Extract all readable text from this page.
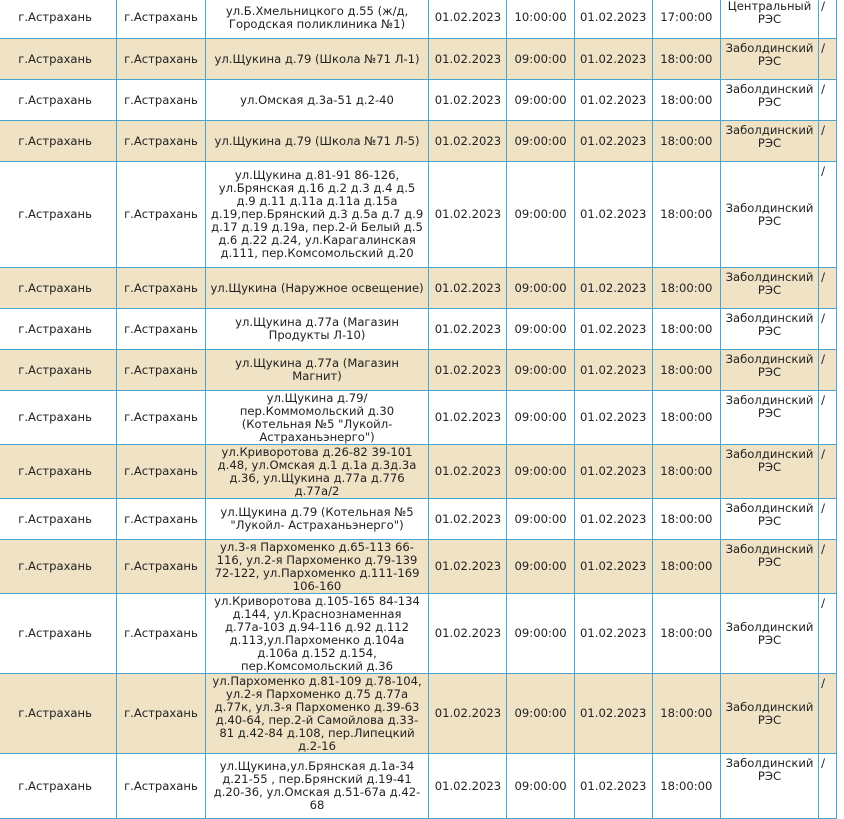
г.Астрахань	г.Астрахань	ул.Б.Хмельницкого д.55 (ж/д, Городская поликлиника №1)	01.02.2023	10:00:00	01.02.2023	17:00:00	Центральный РЭС	/
г.Астрахань	г.Астрахань	ул.Щукина д.79 (Школа №71 Л-1)	01.02.2023	09:00:00	01.02.2023	18:00:00	Заболдинский РЭС	/
г.Астрахань	г.Астрахань	ул.Омская д.3а-51 д.2-40	01.02.2023	09:00:00	01.02.2023	18:00:00	Заболдинский РЭС	/
г.Астрахань	г.Астрахань	ул.Щукина д.79 (Школа №71 Л-5)	01.02.2023	09:00:00	01.02.2023	18:00:00	Заболдинский РЭС	/
г.Астрахань	г.Астрахань	ул.Щукина д.81-91 86-126, ул.Брянская д.16 д.2 д.3 д.4 д.5 д.9 д.11 д.11а д.11а д.15а д.19,пер.Брянский д.3 д.5а д.7 д.9 д.17 д.19 д.19а, пер.2-й Белый д.5 д.6 д.22 д.24, ул.Карагалинская д.111, пер.Комсомольский д.20	01.02.2023	09:00:00	01.02.2023	18:00:00	Заболдинский РЭС	/
г.Астрахань	г.Астрахань	ул.Щукина (Наружное освещение)	01.02.2023	09:00:00	01.02.2023	18:00:00	Заболдинский РЭС	/
г.Астрахань	г.Астрахань	ул.Щукина д.77а (Магазин Продукты Л-10)	01.02.2023	09:00:00	01.02.2023	18:00:00	Заболдинский РЭС	/
г.Астрахань	г.Астрахань	ул.Щукина д.77а (Магазин Магнит)	01.02.2023	09:00:00	01.02.2023	18:00:00	Заболдинский РЭС	/
г.Астрахань	г.Астрахань	ул.Щукина д.79/пер.Коммомольский д.30 (Котельная №5 "Лукойл-Астраханьэнерго")	01.02.2023	09:00:00	01.02.2023	18:00:00	Заболдинский РЭС	/
г.Астрахань	г.Астрахань	ул.Криворотова д.26-82 39-101 д.48, ул.Омская д.1 д.1а д.3д.3а д.36, ул.Щукина д.77а д.776 д.77а/2	01.02.2023	09:00:00	01.02.2023	18:00:00	Заболдинский РЭС	/
г.Астрахань	г.Астрахань	ул.Щукина д.79 (Котельная №5 "Лукойл- Астраханьэнерго")	01.02.2023	09:00:00	01.02.2023	18:00:00	Заболдинский РЭС	/
г.Астрахань	г.Астрахань	ул.3-я Пархоменко д.65-113 66-116, ул.2-я Пархоменко д.79-139 72-122, ул.Пархоменко д.111-169 106-160	01.02.2023	09:00:00	01.02.2023	18:00:00	Заболдинский РЭС	/
г.Астрахань	г.Астрахань	ул.Криворотова д.105-165 84-134 д.144, ул.Краснознаменная д.77а-103 д.94-116 д.92 д.112 д.113,ул.Пархоменко д.104а д.106а д.152 д.154, пер.Комсомольский д.36	01.02.2023	09:00:00	01.02.2023	18:00:00	Заболдинский РЭС	/
г.Астрахань	г.Астрахань	ул.Пархоменко д.81-109 д.78-104, ул.2-я Пархоменко д.75 д.77а д.77к, ул.3-я Пархоменко д.39-63 д.40-64, пер.2-й Самойлова д.33-81 д.42-84 д.108, пер.Липецкий д.2-16	01.02.2023	09:00:00	01.02.2023	18:00:00	Заболдинский РЭС	/
г.Астрахань	г.Астрахань	ул.Щукина,ул.Брянская д.1а-34 д.21-55 , пер.Брянский д.19-41 д.20-36, ул.Омская д.51-67а д.42-68	01.02.2023	09:00:00	01.02.2023	18:00:00	Заболдинский РЭС	/
